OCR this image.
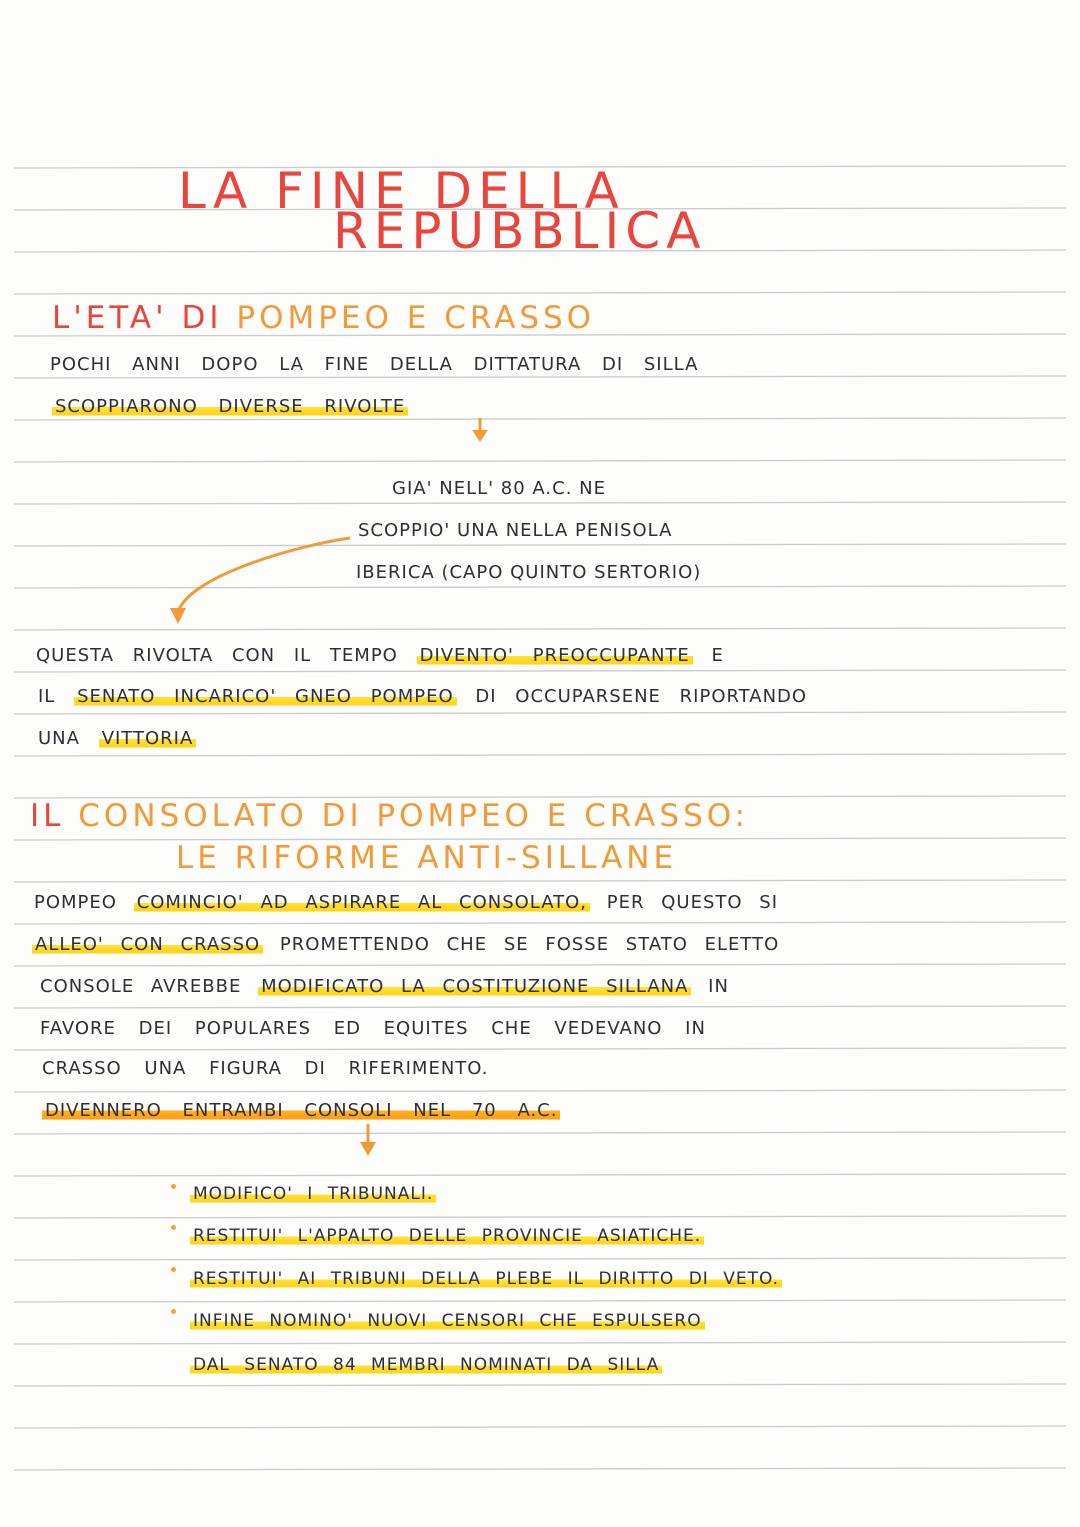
LA FINE DELLA
REPUBBLICA
L'ETA' DI POMPEO E CRASSO
POCHI ANNI DOPO LA FINE DELLA DITTATURA DI SILLA
SCOPPIARONO DIVERSE RIVOLTE
GIA' NELL' 80 A.C. NE
SCOPPIO' UNA NELLA PENISOLA
IBERICA (CAPO QUINTO SERTORIO)
QUESTA RIVOLTA CON IL TEMPO DIVENTO' PREOCCUPANTE E
IL SENATO INCARICO' GNEO POMPEO DI OCCUPARSENE RIPORTANDO
UNA VITTORIA
IL CONSOLATO DI POMPEO E CRASSO:
LE RIFORME ANTI-SILLANE
POMPEO COMINCIO' AD ASPIRARE AL CONSOLATO, PER QUESTO SI
ALLEO' CON CRASSO PROMETTENDO CHE SE FOSSE STATO ELETTO
CONSOLE AVREBBE MODIFICATO LA COSTITUZIONE SILLANA IN
FAVORE DEI POPULARES ED EQUITES CHE VEDEVANO IN
CRASSO UNA FIGURA DI RIFERIMENTO.
DIVENNERO ENTRAMBI CONSOLI NEL 70 A.C.
MODIFICO' I TRIBUNALI.
RESTITUI' L'APPALTO DELLE PROVINCIE ASIATICHE.
RESTITUI' AI TRIBUNI DELLA PLEBE IL DIRITTO DI VETO.
INFINE NOMINO' NUOVI CENSORI CHE ESPULSERO
DAL SENATO 84 MEMBRI NOMINATI DA SILLA
